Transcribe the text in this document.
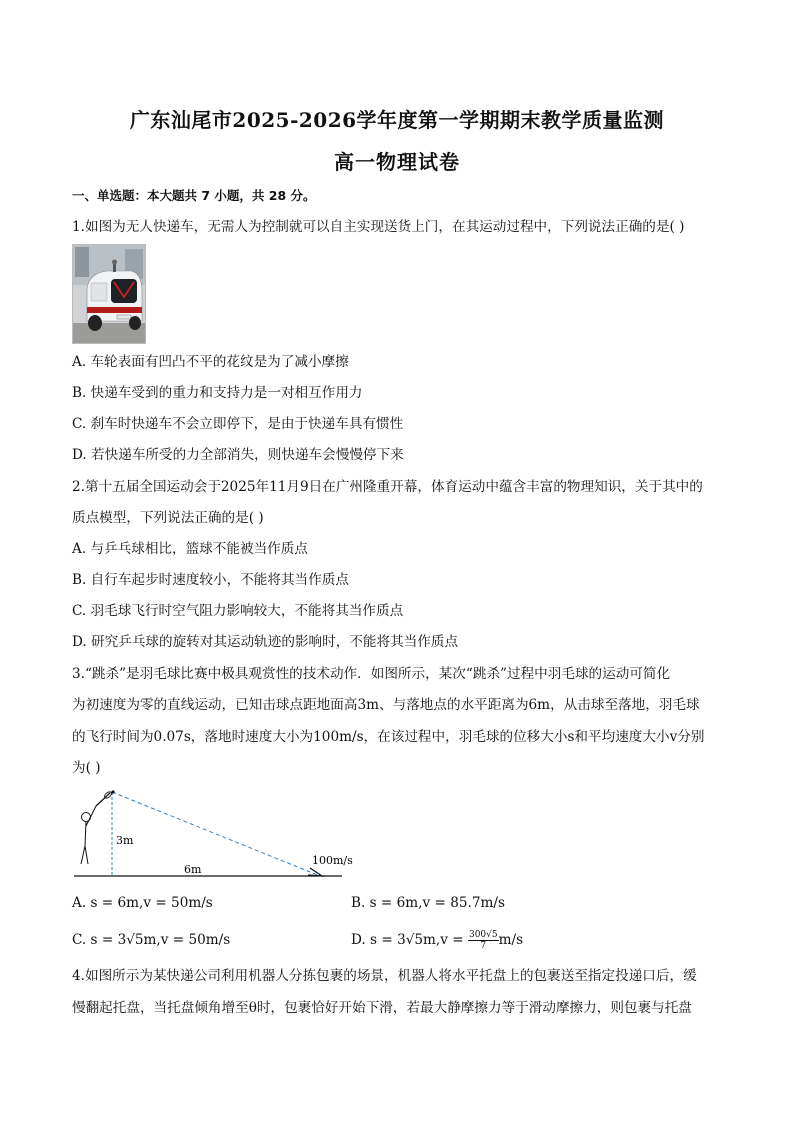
广东汕尾市2025-2026学年度第一学期期末教学质量监测
高一物理试卷
一、单选题：本大题共 7 小题，共 28 分。
1.如图为无人快递车，无需人为控制就可以自主实现送货上门，在其运动过程中，下列说法正确的是( )
A. 车轮表面有凹凸不平的花纹是为了减小摩擦
B. 快递车受到的重力和支持力是一对相互作用力
C. 刹车时快递车不会立即停下，是由于快递车具有惯性
D. 若快递车所受的力全部消失，则快递车会慢慢停下来
2.第十五届全国运动会于2025年11月9日在广州隆重开幕，体育运动中蕴含丰富的物理知识，关于其中的
质点模型，下列说法正确的是( )
A. 与乒乓球相比，篮球不能被当作质点
B. 自行车起步时速度较小，不能将其当作质点
C. 羽毛球飞行时空气阻力影响较大，不能将其当作质点
D. 研究乒乓球的旋转对其运动轨迹的影响时，不能将其当作质点
3.“跳杀”是羽毛球比赛中极具观赏性的技术动作．如图所示，某次“跳杀”过程中羽毛球的运动可简化
为初速度为零的直线运动，已知击球点距地面高3m、与落地点的水平距离为6m，从击球至落地，羽毛球
的飞行时间为0.07s，落地时速度大小为100m/s，在该过程中，羽毛球的位移大小s和平均速度大小v分别
为( )
3m
6m
100m/s
A. s = 6m,v = 50m/s	B. s = 6m,v = 85.7m/s
C. s = 3√5m,v = 50m/s	D. $s = 3√5m,v = \frac{300√5}{7} m/s$
4.如图所示为某快递公司利用机器人分拣包裹的场景，机器人将水平托盘上的包裹送至指定投递口后，缓
慢翻起托盘，当托盘倾角增至θ时，包裹恰好开始下滑，若最大静摩擦力等于滑动摩擦力，则包裹与托盘
